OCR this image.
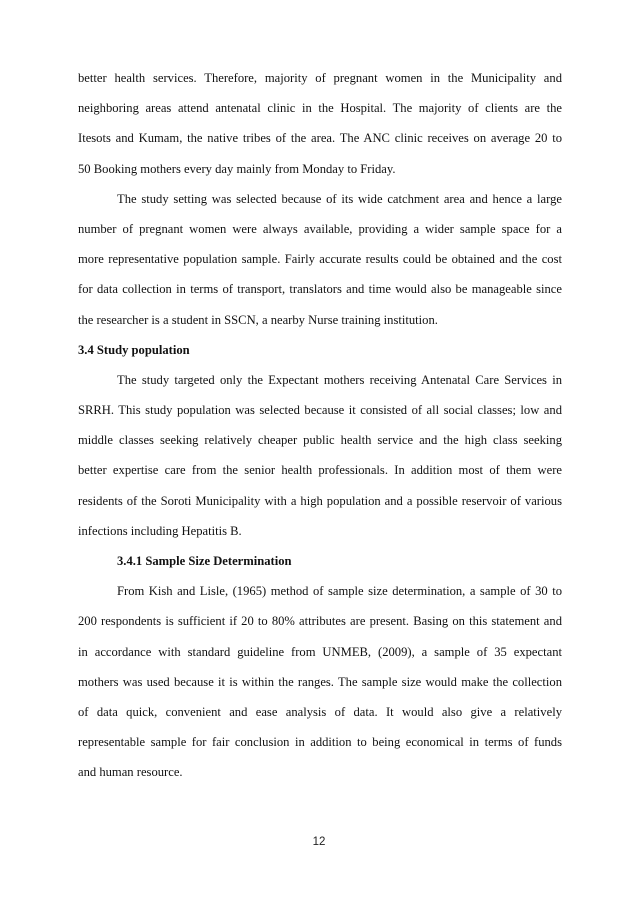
better health services. Therefore, majority of pregnant women in the Municipality and
neighboring areas attend antenatal clinic in the Hospital. The majority of clients are the
Itesots and Kumam, the native tribes of the area. The ANC clinic receives on average 20 to
50 Booking mothers every day mainly from Monday to Friday.
The study setting was selected because of its wide catchment area and hence a large
number of pregnant women were always available, providing a wider sample space for a
more representative population sample. Fairly accurate results could be obtained and the cost
for data collection in terms of transport, translators and time would also be manageable since
the researcher is a student in SSCN, a nearby Nurse training institution.
3.4 Study population
The study targeted only the Expectant mothers receiving Antenatal Care Services in
SRRH. This study population was selected because it consisted of all social classes; low and
middle classes seeking relatively cheaper public health service and the high class seeking
better expertise care from the senior health professionals. In addition most of them were
residents of the Soroti Municipality with a high population and a possible reservoir of various
infections including Hepatitis B.
3.4.1 Sample Size Determination
From Kish and Lisle, (1965) method of sample size determination, a sample of 30 to
200 respondents is sufficient if 20 to 80% attributes are present. Basing on this statement and
in accordance with standard guideline from UNMEB, (2009), a sample of 35 expectant
mothers was used because it is within the ranges. The sample size would make the collection
of data quick, convenient and ease analysis of data. It would also give a relatively
representable sample for fair conclusion in addition to being economical in terms of funds
and human resource.
12
